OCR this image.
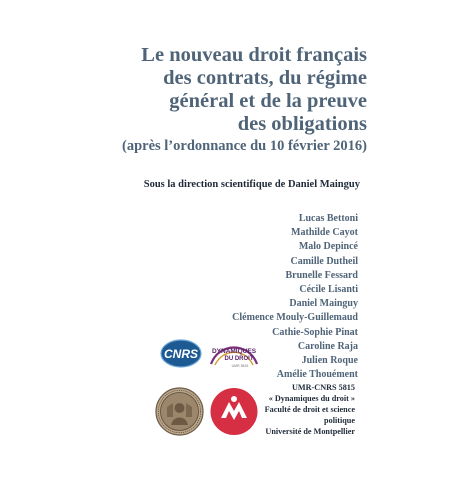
Le nouveau droit français
des contrats, du régime
général et de la preuve
des obligations
(après l’ordonnance du 10 février 2016)
Sous la direction scientifique de Daniel Mainguy
Lucas Bettoni
Mathilde Cayot
Malo Depincé
Camille Dutheil
Brunelle Fessard
Cécile Lisanti
Daniel Mainguy
Clémence Mouly-Guillemaud
Cathie-Sophie Pinat
Caroline Raja
Julien Roque
Amélie Thouément
CNRS DYNAMIQUES
DU DROIT
UMR 5815
UMR-CNRS 5815
« Dynamiques du droit »
Faculté de droit et science
politique
Université de Montpellier
